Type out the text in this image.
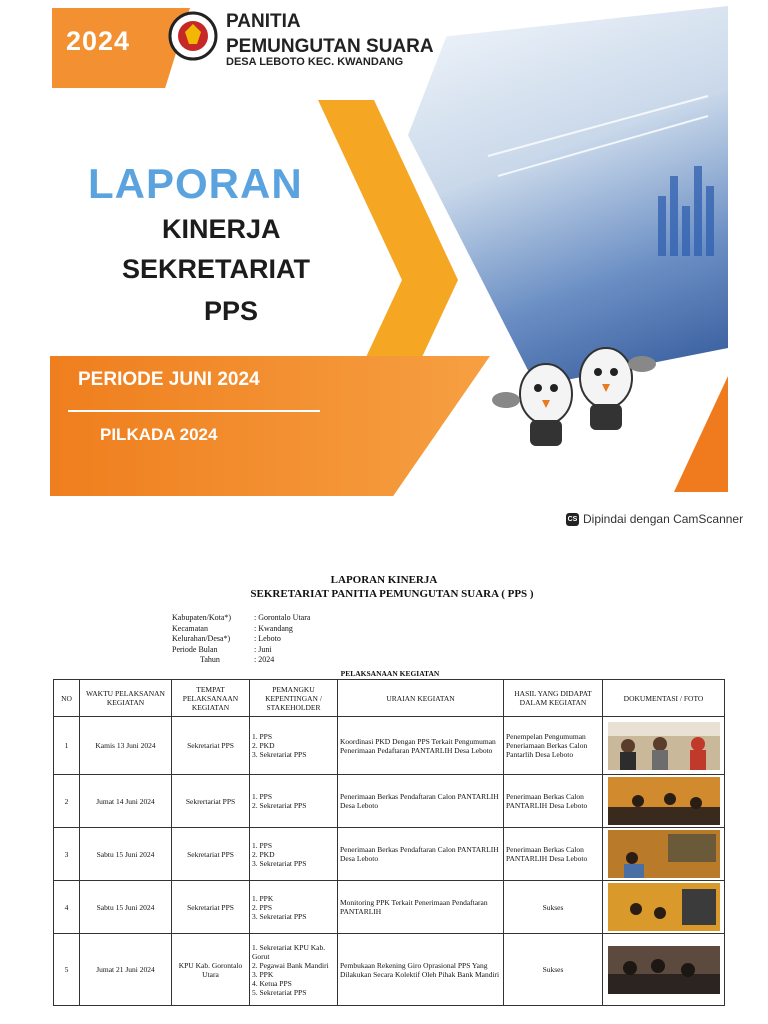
2024
PANITIA
PEMUNGUTAN SUARA
DESA LEBOTO KEC. KWANDANG
LAPORAN
KINERJA
SEKRETARIAT
PPS
PERIODE JUNI 2024
PILKADA 2024
CS Dipindai dengan CamScanner
LAPORAN KINERJA
SEKRETARIAT PANITIA PEMUNGUTAN SUARA ( PPS )
Kabupaten/Kota*)	: Gorontalo Utara
Kecamatan	: Kwandang
Kelurahan/Desa*)	: Leboto
Periode Bulan	: Juni
Tahun	: 2024
PELAKSANAAN KEGIATAN
NO	WAKTU PELAKSANAN KEGIATAN	TEMPAT PELAKSANAAN KEGIATAN	PEMANGKU KEPENTINGAN / STAKEHOLDER	URAIAN KEGIATAN	HASIL YANG DIDAPAT DALAM KEGIATAN	DOKUMENTASI / FOTO
1	Kamis 13 Juni 2024	Sekretariat PPS	1. PPS
2. PKD
3. Sekretariat PPS	Koordinasi PKD Dengan PPS Terkait Pengumuman Penerimaan Pedaftaran PANTARLIH Desa Leboto	Penempelan Pengumuman Peneriamaan Berkas Calon Pantarlih Desa Leboto	

2	Jumat 14 Juni 2024	Sekrertariat PPS	1. PPS
2. Sekretariat PPS	Penerimaan Berkas Pendaftaran Calon PANTARLIH Desa Leboto	Penerimaan Berkas Calon PANTARLIH Desa Leboto	

3	Sabtu 15 Juni 2024	Sekretariat PPS	1. PPS
2. PKD
3. Sekretariat PPS	Penerimaan Berkas Pendaftaran Calon PANTARLIH Desa Leboto	Penerimaan Berkas Calon PANTARLIH Desa Leboto	

4	Sabtu 15 Juni 2024	Sekretariat PPS	1. PPK
2. PPS
3. Sekretariat PPS	Monitoring PPK Terkait Penerimaan Pendaftaran PANTARLIH	Sukses	

5	Jumat 21 Juni 2024	KPU Kab. Gorontalo Utara	1. Sekretariat KPU Kab. Gorut
2. Pegawai Bank Mandiri
3. PPK
4. Ketua PPS
5. Sekretariat PPS	Pembukaan Rekening Giro Oprasional PPS Yang Dilakukan Secara Kolektif Oleh Pihak Bank Mandiri	Sukses	
